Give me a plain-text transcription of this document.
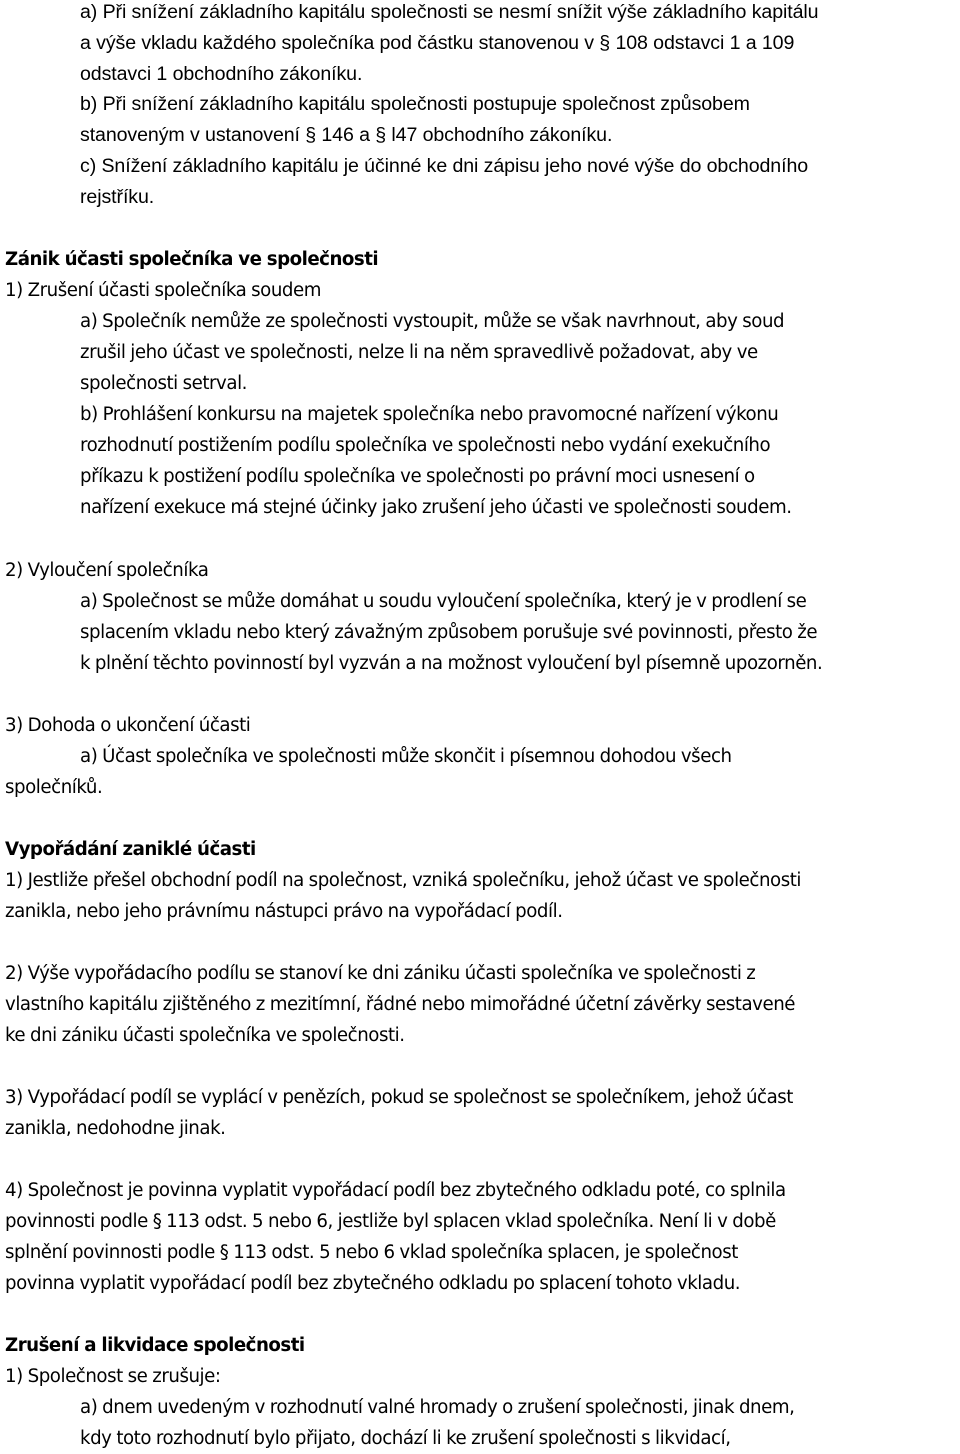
a) Při snížení základního kapitálu společnosti se nesmí snížit výše základního kapitálu
a výše vkladu každého společníka pod částku stanovenou v § 108 odstavci 1 a 109
odstavci 1 obchodního zákoníku.
b) Při snížení základního kapitálu společnosti postupuje společnost způsobem
stanoveným v ustanovení § 146 a § l47 obchodního zákoníku.
c) Snížení základního kapitálu je účinné ke dni zápisu jeho nové výše do obchodního
rejstříku.
Zánik účasti společníka ve společnosti
1) Zrušení účasti společníka soudem
a) Společník nemůže ze společnosti vystoupit, může se však navrhnout, aby soud
zrušil jeho účast ve společnosti, nelze li na něm spravedlivě požadovat, aby ve
společnosti setrval.
b) Prohlášení konkursu na majetek společníka nebo pravomocné nařízení výkonu
rozhodnutí postižením podílu společníka ve společnosti nebo vydání exekučního
příkazu k postižení podílu společníka ve společnosti po právní moci usnesení o
nařízení exekuce má stejné účinky jako zrušení jeho účasti ve společnosti soudem.
2) Vyloučení společníka
a) Společnost se může domáhat u soudu vyloučení společníka, který je v prodlení se
splacením vkladu nebo který závažným způsobem porušuje své povinnosti, přesto že
k plnění těchto povinností byl vyzván a na možnost vyloučení byl písemně upozorněn.
3) Dohoda o ukončení účasti
a) Účast společníka ve společnosti může skončit i písemnou dohodou všech
společníků.
Vypořádání zaniklé účasti
1) Jestliže přešel obchodní podíl na společnost, vzniká společníku, jehož účast ve společnosti
zanikla, nebo jeho právnímu nástupci právo na vypořádací podíl.
2) Výše vypořádacího podílu se stanoví ke dni zániku účasti společníka ve společnosti z
vlastního kapitálu zjištěného z mezitímní, řádné nebo mimořádné účetní závěrky sestavené
ke dni zániku účasti společníka ve společnosti.
3) Vypořádací podíl se vyplácí v penězích, pokud se společnost se společníkem, jehož účast
zanikla, nedohodne jinak.
4) Společnost je povinna vyplatit vypořádací podíl bez zbytečného odkladu poté, co splnila
povinnosti podle § 113 odst. 5 nebo 6, jestliže byl splacen vklad společníka. Není li v době
splnění povinnosti podle § 113 odst. 5 nebo 6 vklad společníka splacen, je společnost
povinna vyplatit vypořádací podíl bez zbytečného odkladu po splacení tohoto vkladu.
Zrušení a likvidace společnosti
1) Společnost se zrušuje:
a) dnem uvedeným v rozhodnutí valné hromady o zrušení společnosti, jinak dnem,
kdy toto rozhodnutí bylo přijato, dochází li ke zrušení společnosti s likvidací,
